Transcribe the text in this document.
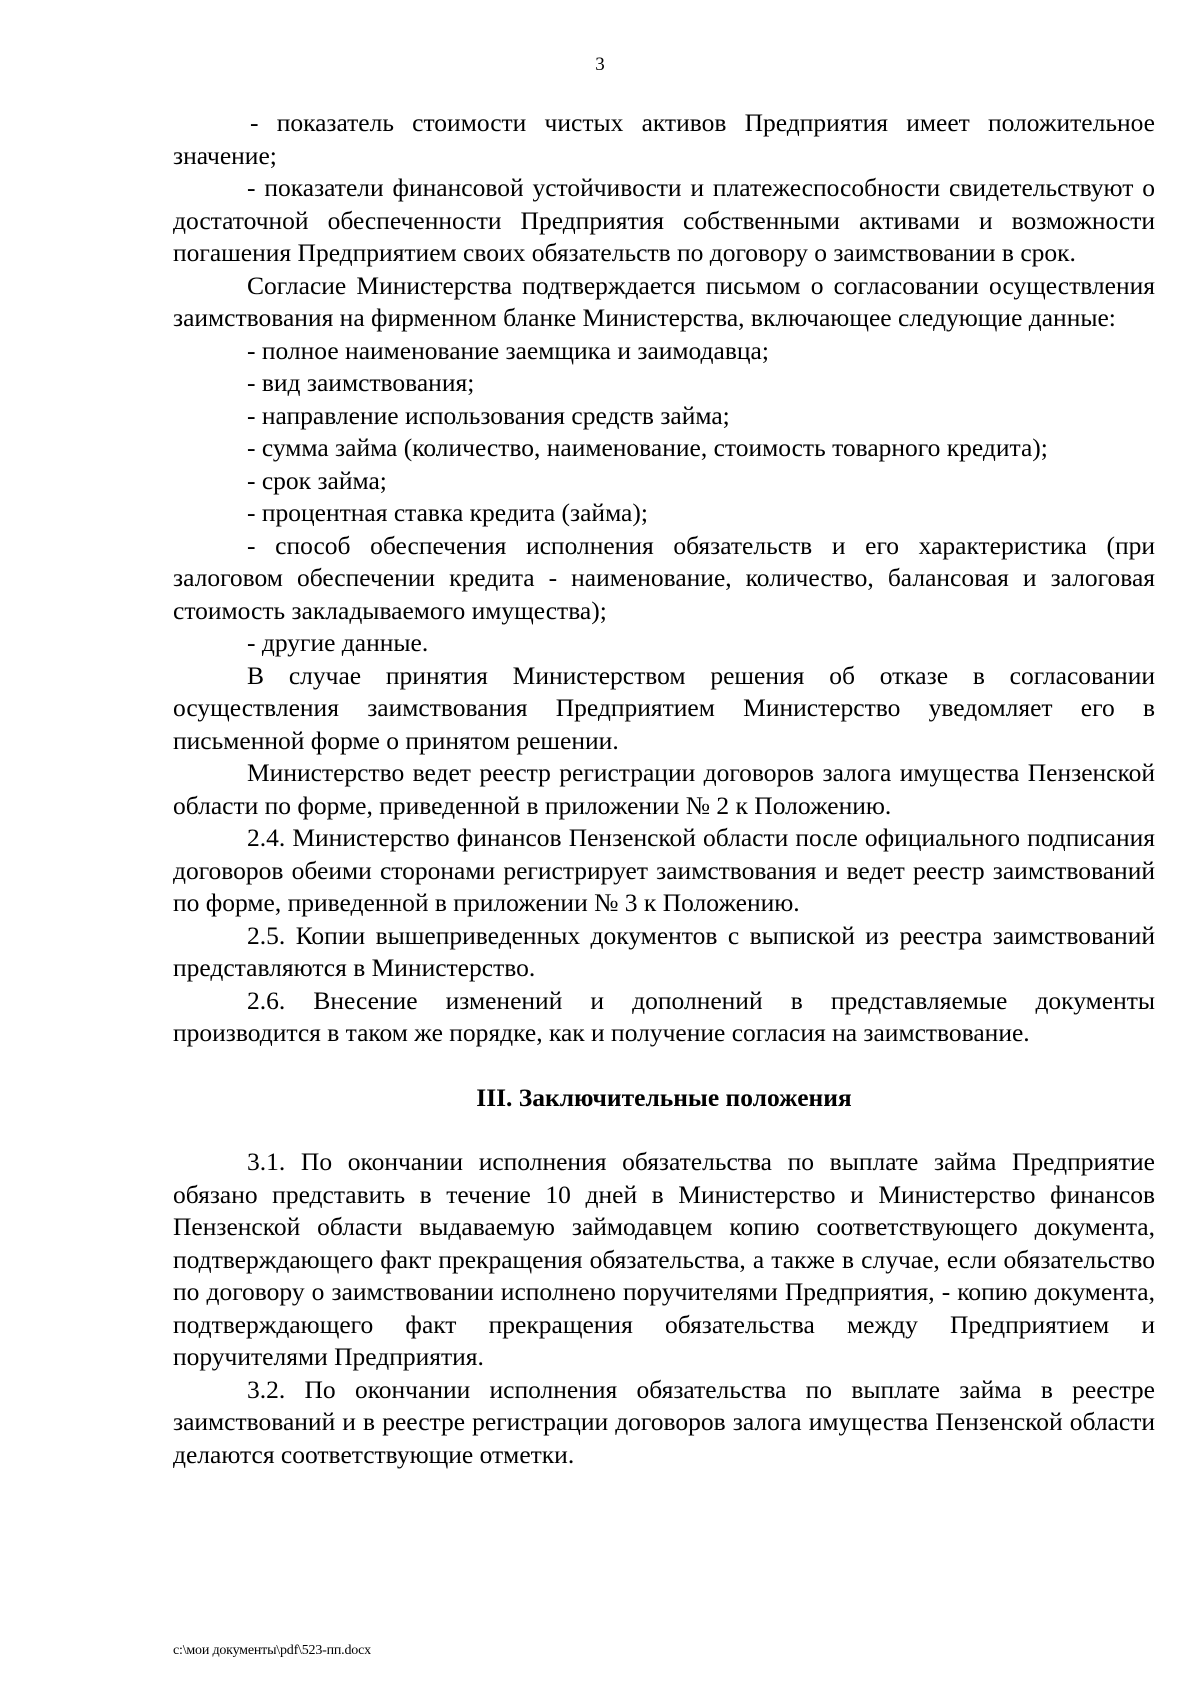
3

- показатель стоимости чистых активов Предприятия имеет положительное значение;

- показатели финансовой устойчивости и платежеспособности свидетельствуют о достаточной обеспеченности Предприятия собственными активами и возможности погашения Предприятием своих обязательств по договору о заимствовании в срок.

Согласие Министерства подтверждается письмом о согласовании осуществления заимствования на фирменном бланке Министерства, включающее следующие данные:

- полное наименование заемщика и заимодавца;

- вид заимствования;

- направление использования средств займа;

- сумма займа (количество, наименование, стоимость товарного кредита);

- срок займа;

- процентная ставка кредита (займа);

- способ обеспечения исполнения обязательств и его характеристика (при залоговом обеспечении кредита - наименование, количество, балансовая и залоговая стоимость закладываемого имущества);

- другие данные.

В случае принятия Министерством решения об отказе в согласовании осуществления заимствования Предприятием Министерство уведомляет его в письменной форме о принятом решении.

Министерство ведет реестр регистрации договоров залога имущества Пензенской области по форме, приведенной в приложении № 2 к Положению.

2.4. Министерство финансов Пензенской области после официального подписания договоров обеими сторонами регистрирует заимствования и ведет реестр заимствований по форме, приведенной в приложении № 3 к Положению.

2.5. Копии вышеприведенных документов с выпиской из реестра заимствований представляются в Министерство.

2.6. Внесение изменений и дополнений в представляемые документы производится в таком же порядке, как и получение согласия на заимствование.

III. Заключительные положения

3.1. По окончании исполнения обязательства по выплате займа Предприятие обязано представить в течение 10 дней в Министерство и Министерство финансов Пензенской области выдаваемую займодавцем копию соответствующего документа, подтверждающего факт прекращения обязательства, а также в случае, если обязательство по договору о заимствовании исполнено поручителями Предприятия, - копию документа, подтверждающего факт прекращения обязательства между Предприятием и поручителями Предприятия.

3.2. По окончании исполнения обязательства по выплате займа в реестре заимствований и в реестре регистрации договоров залога имущества Пензенской области делаются соответствующие отметки.

c:\мои документы\pdf\523-пп.docx
